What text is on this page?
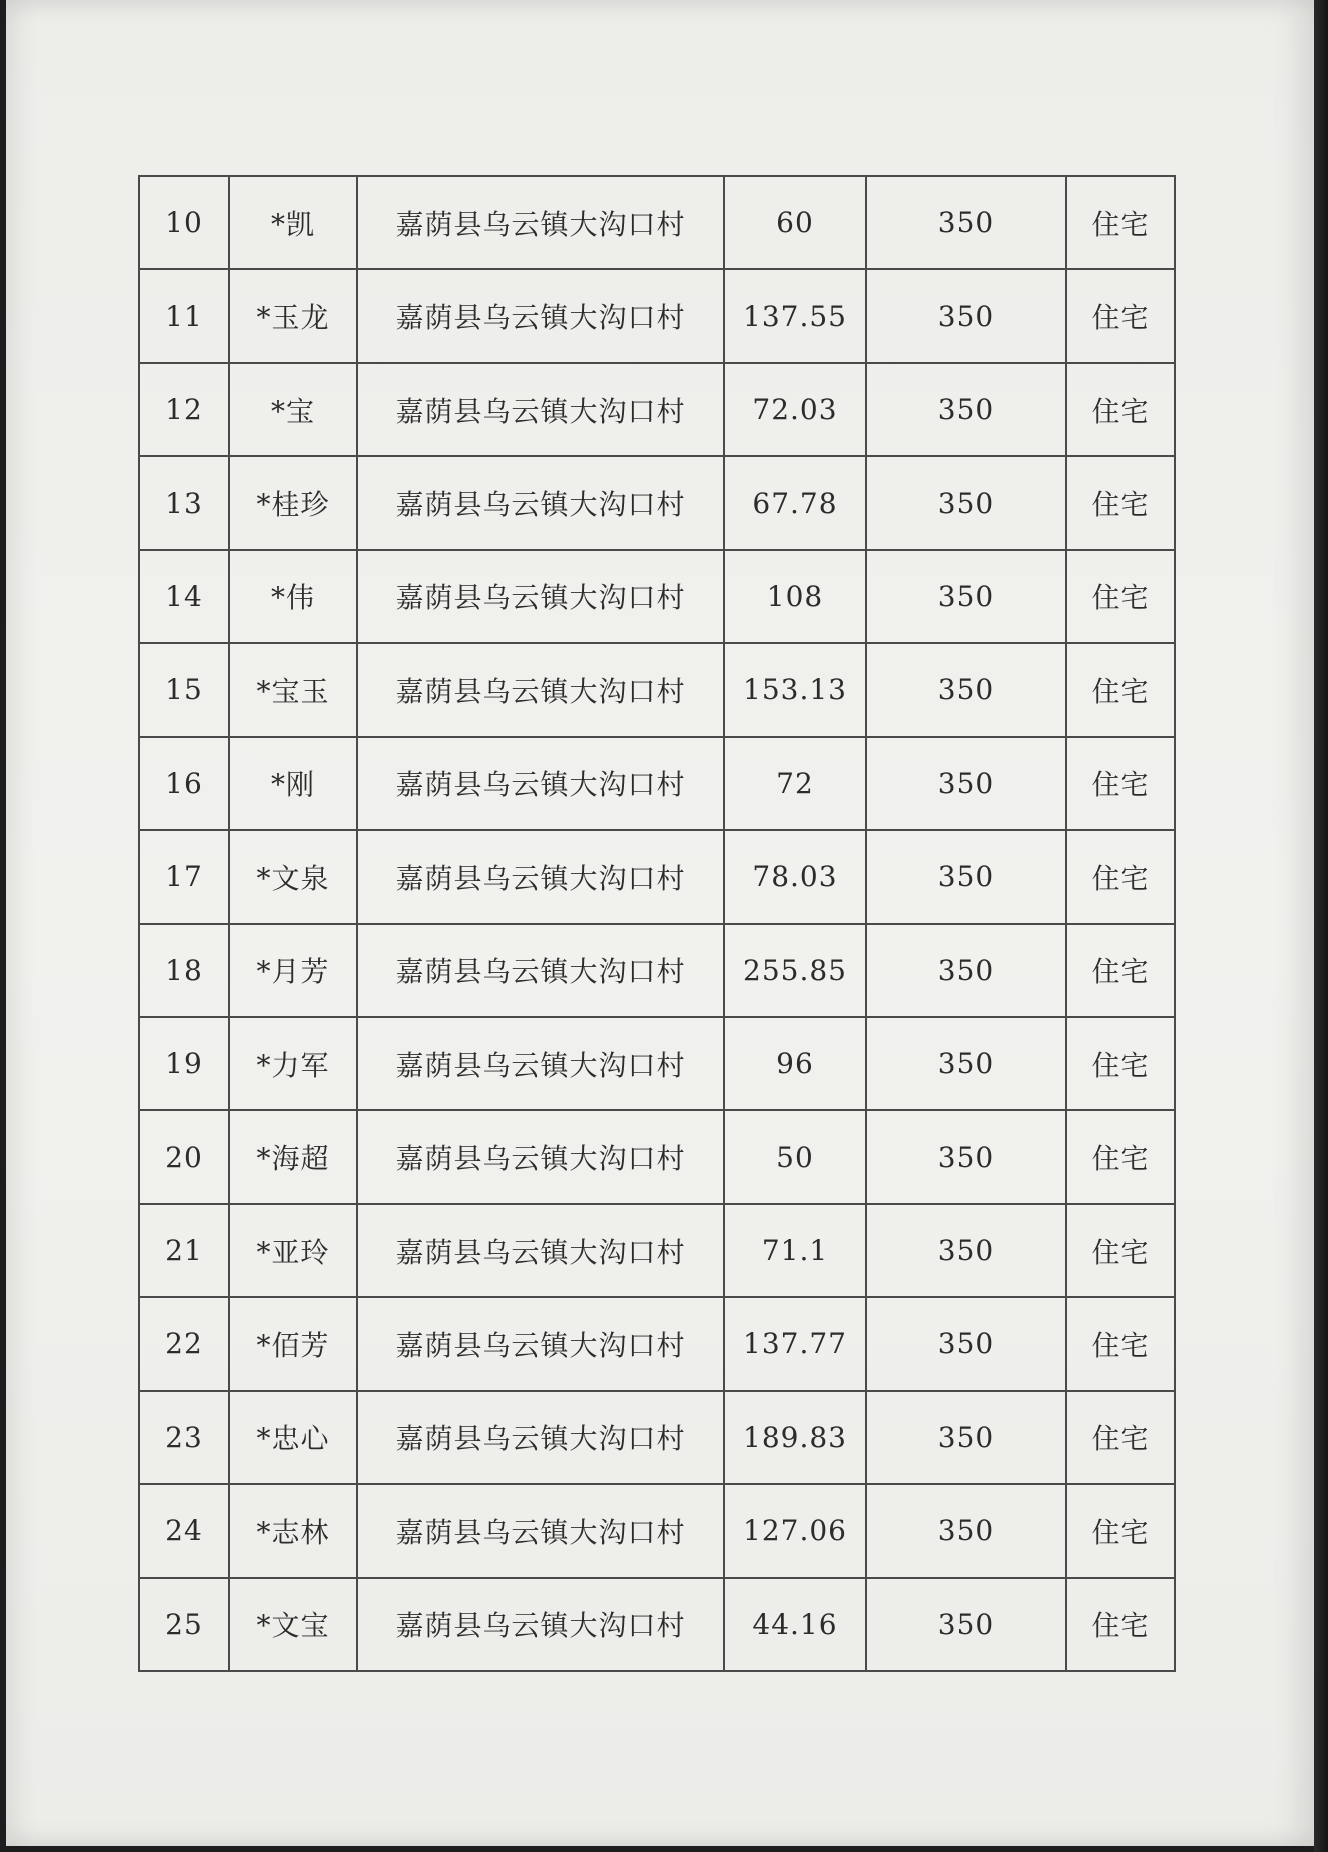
10	*凯	嘉荫县乌云镇大沟口村	60	350	住宅
11	*玉龙	嘉荫县乌云镇大沟口村	137.55	350	住宅
12	*宝	嘉荫县乌云镇大沟口村	72.03	350	住宅
13	*桂珍	嘉荫县乌云镇大沟口村	67.78	350	住宅
14	*伟	嘉荫县乌云镇大沟口村	108	350	住宅
15	*宝玉	嘉荫县乌云镇大沟口村	153.13	350	住宅
16	*刚	嘉荫县乌云镇大沟口村	72	350	住宅
17	*文泉	嘉荫县乌云镇大沟口村	78.03	350	住宅
18	*月芳	嘉荫县乌云镇大沟口村	255.85	350	住宅
19	*力军	嘉荫县乌云镇大沟口村	96	350	住宅
20	*海超	嘉荫县乌云镇大沟口村	50	350	住宅
21	*亚玲	嘉荫县乌云镇大沟口村	71.1	350	住宅
22	*佰芳	嘉荫县乌云镇大沟口村	137.77	350	住宅
23	*忠心	嘉荫县乌云镇大沟口村	189.83	350	住宅
24	*志林	嘉荫县乌云镇大沟口村	127.06	350	住宅
25	*文宝	嘉荫县乌云镇大沟口村	44.16	350	住宅
